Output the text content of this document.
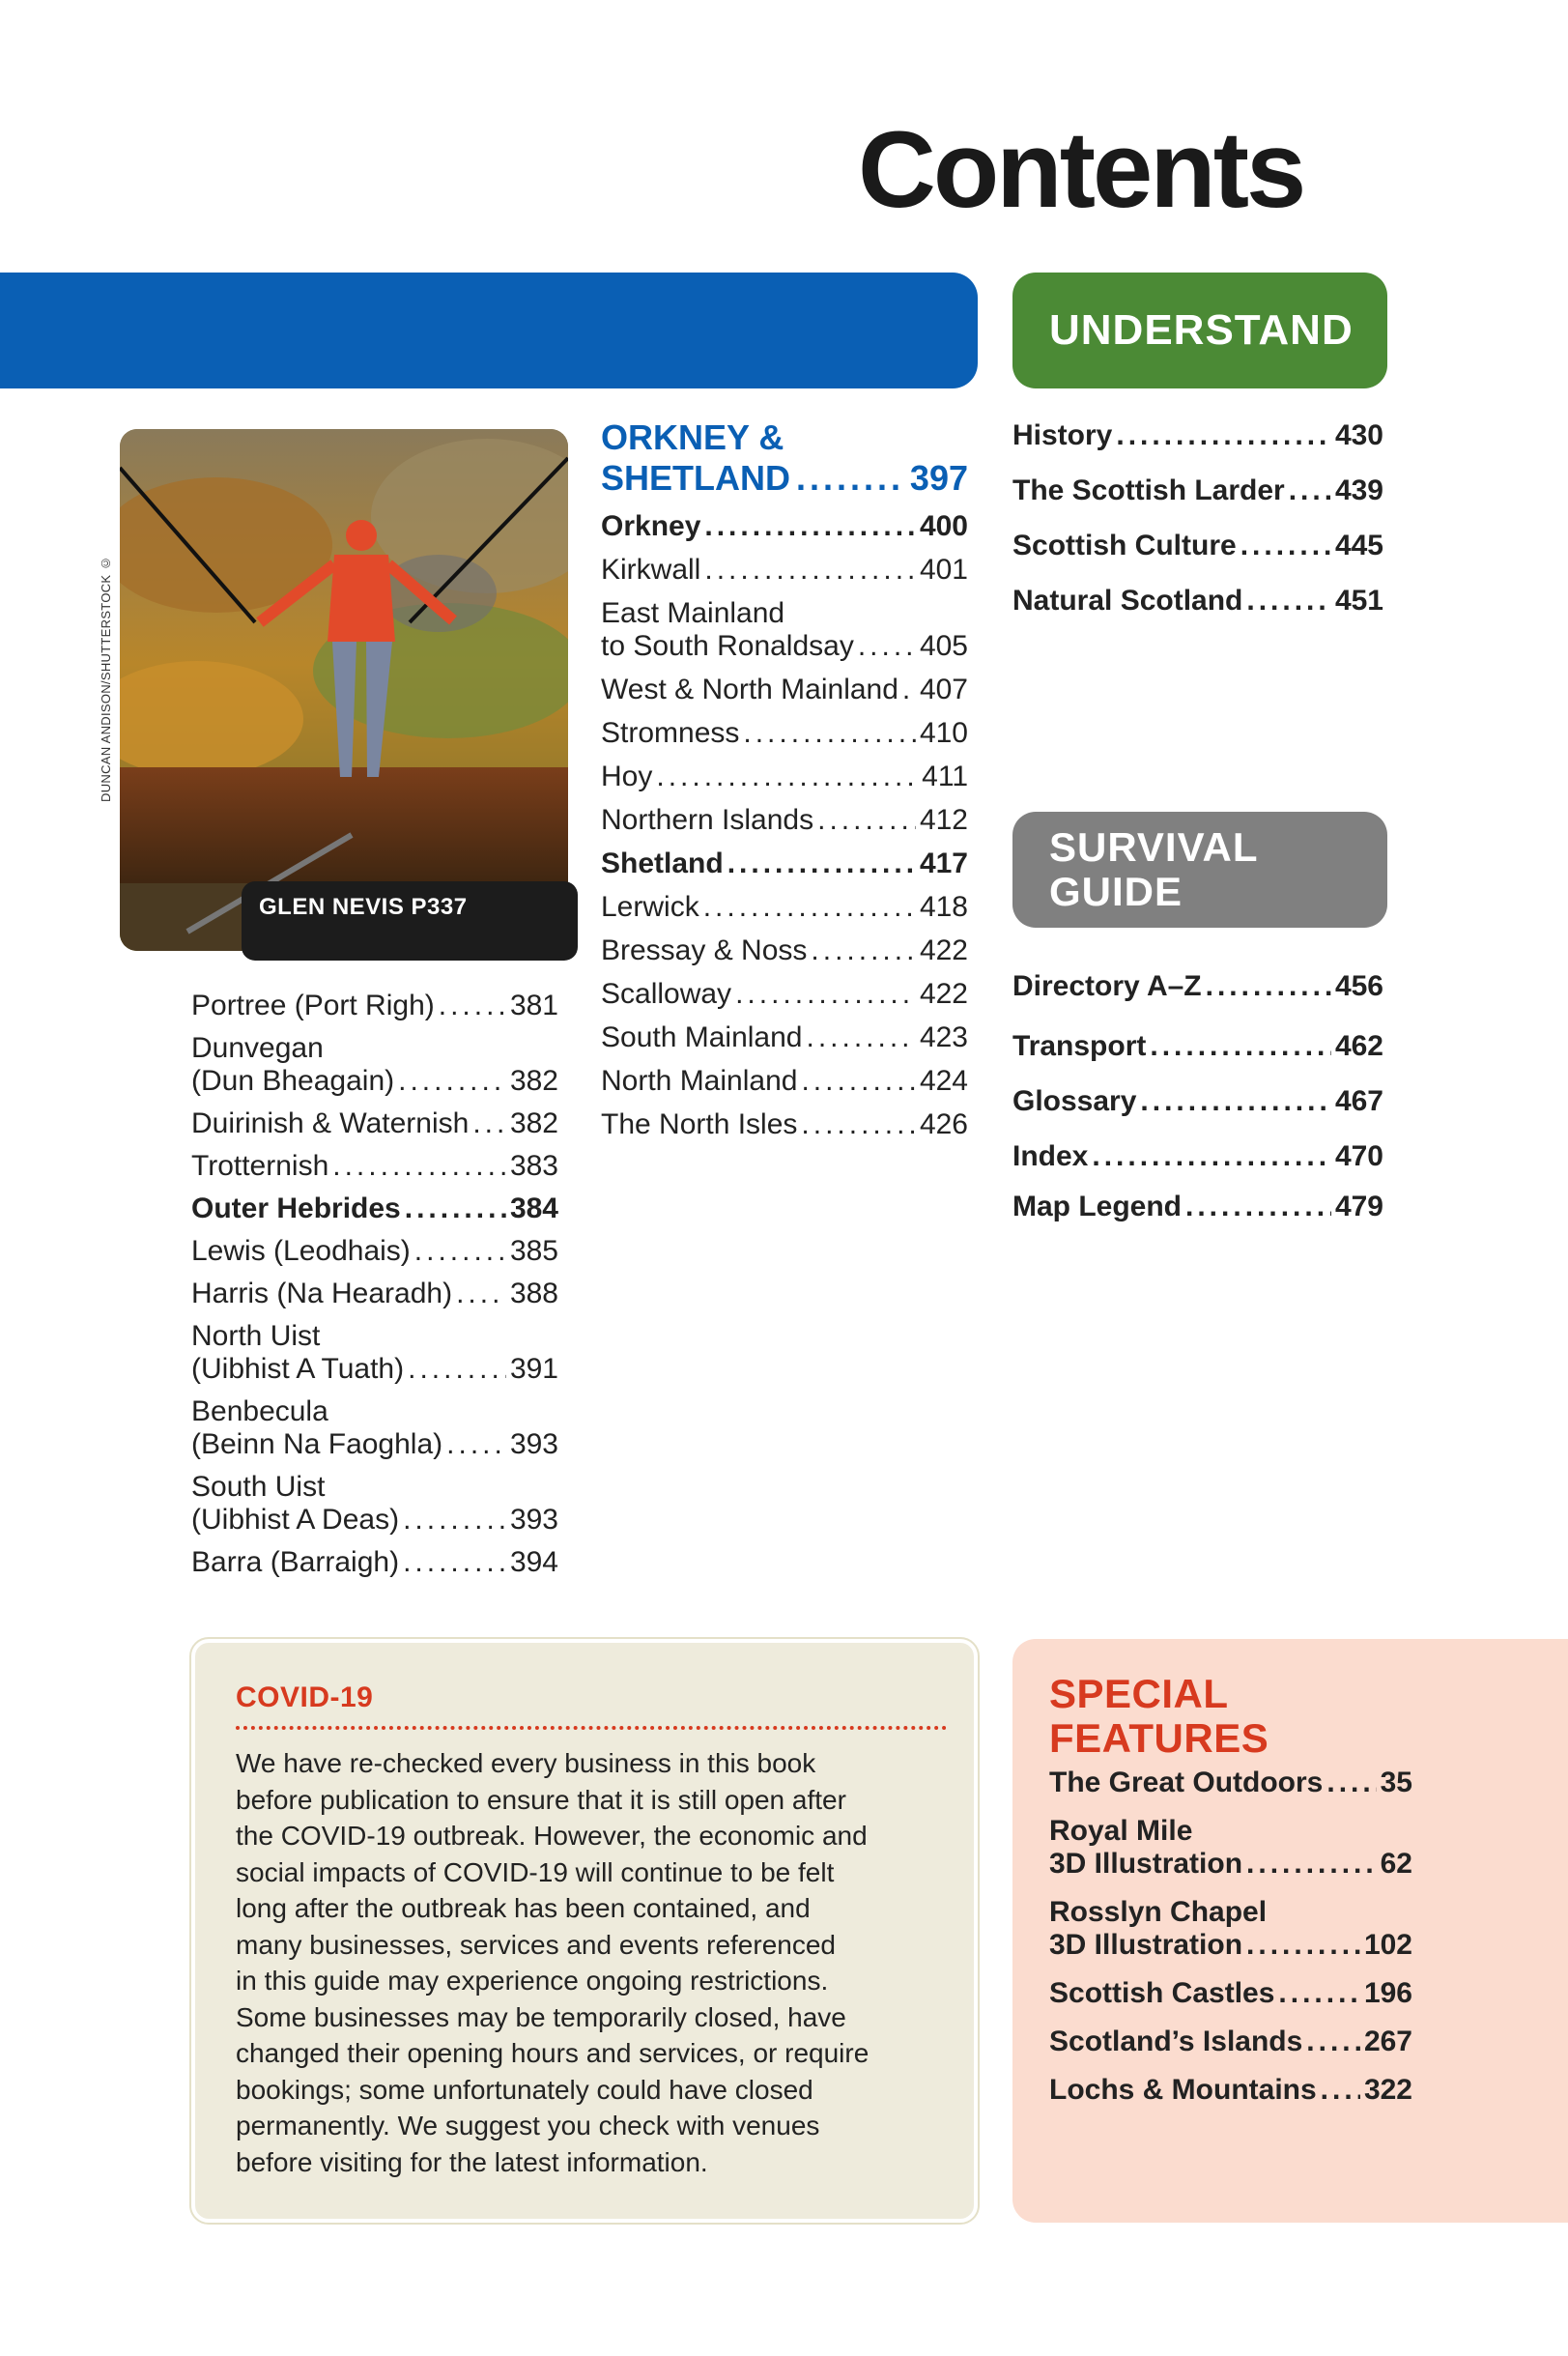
Contents
UNDERSTAND
SURVIVAL
GUIDE
DUNCAN ANDISON/SHUTTERSTOCK ©
GLEN NEVIS P337
Portree (Port Righ) .....	381
Dunvegan
(Dun Bheagain) .....	382
Duirinish & Waternish ..... 382
Trotternish .....	383
Outer Hebrides .....	384
Lewis (Leodhais) .....	385
Harris (Na Hearadh) ..... 388
North Uist
(Uibhist A Tuath) .....	391
Benbecula
(Beinn Na Faoghla) ..... 393
South Uist
(Uibhist A Deas) .....	393
Barra (Barraigh) .....	394
ORKNEY &
SHETLAND .....	397
Orkney .....	400
Kirkwall .....	401
East Mainland
to South Ronaldsay ..... 405
West & North Mainland ..... 407
Stromness .....	410
Hoy .....	411
Northern Islands .....	412
Shetland .....	417
Lerwick .....	418
Bressay & Noss .....	422
Scalloway .....	422
South Mainland .....	423
North Mainland .....	424
The North Isles .....	426
History .....	430
The Scottish Larder ..... 439
Scottish Culture .....	445
Natural Scotland .....	451
Directory A–Z .....	456
Transport .....	462
Glossary .....	467
Index .....	470
Map Legend .....	479
COVID-19
We have re-checked every business in this book
before publication to ensure that it is still open after
the COVID-19 outbreak. However, the economic and
social impacts of COVID-19 will continue to be felt
long after the outbreak has been contained, and
many businesses, services and events referenced
in this guide may experience ongoing restrictions.
Some businesses may be temporarily closed, have
changed their opening hours and services, or require
bookings; some unfortunately could have closed
permanently. We suggest you check with venues
before visiting for the latest information.
SPECIAL
FEATURES
The Great Outdoors ..... 35
Royal Mile
3D Illustration .....	62
Rosslyn Chapel
3D Illustration .....	102
Scottish Castles .....	196
Scotland’s Islands ..... 267
Lochs & Mountains ..... 322
